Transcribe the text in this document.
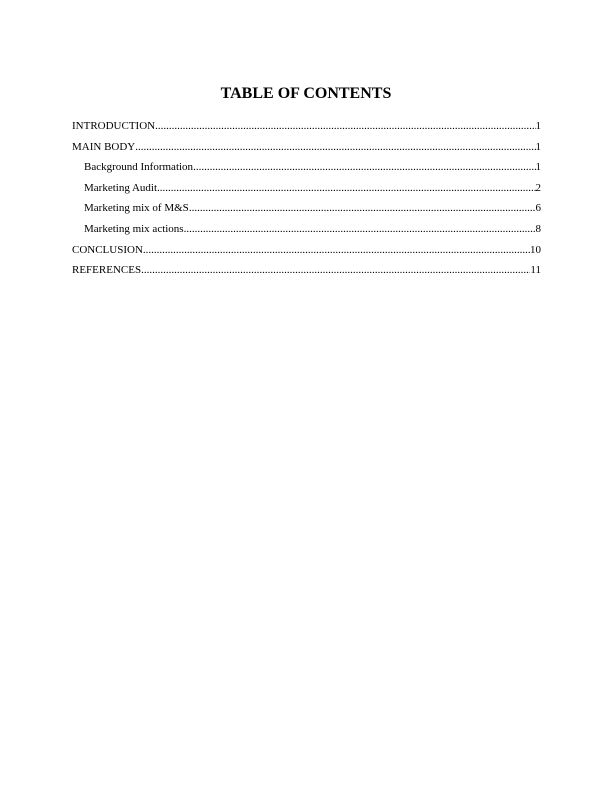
TABLE OF CONTENTS
INTRODUCTION .....	1
MAIN BODY .....	1
Background Information .....	1
Marketing Audit .....	2
Marketing mix of M&S .....	6
Marketing mix actions .....	8
CONCLUSION .....	10
REFERENCES .....	11
